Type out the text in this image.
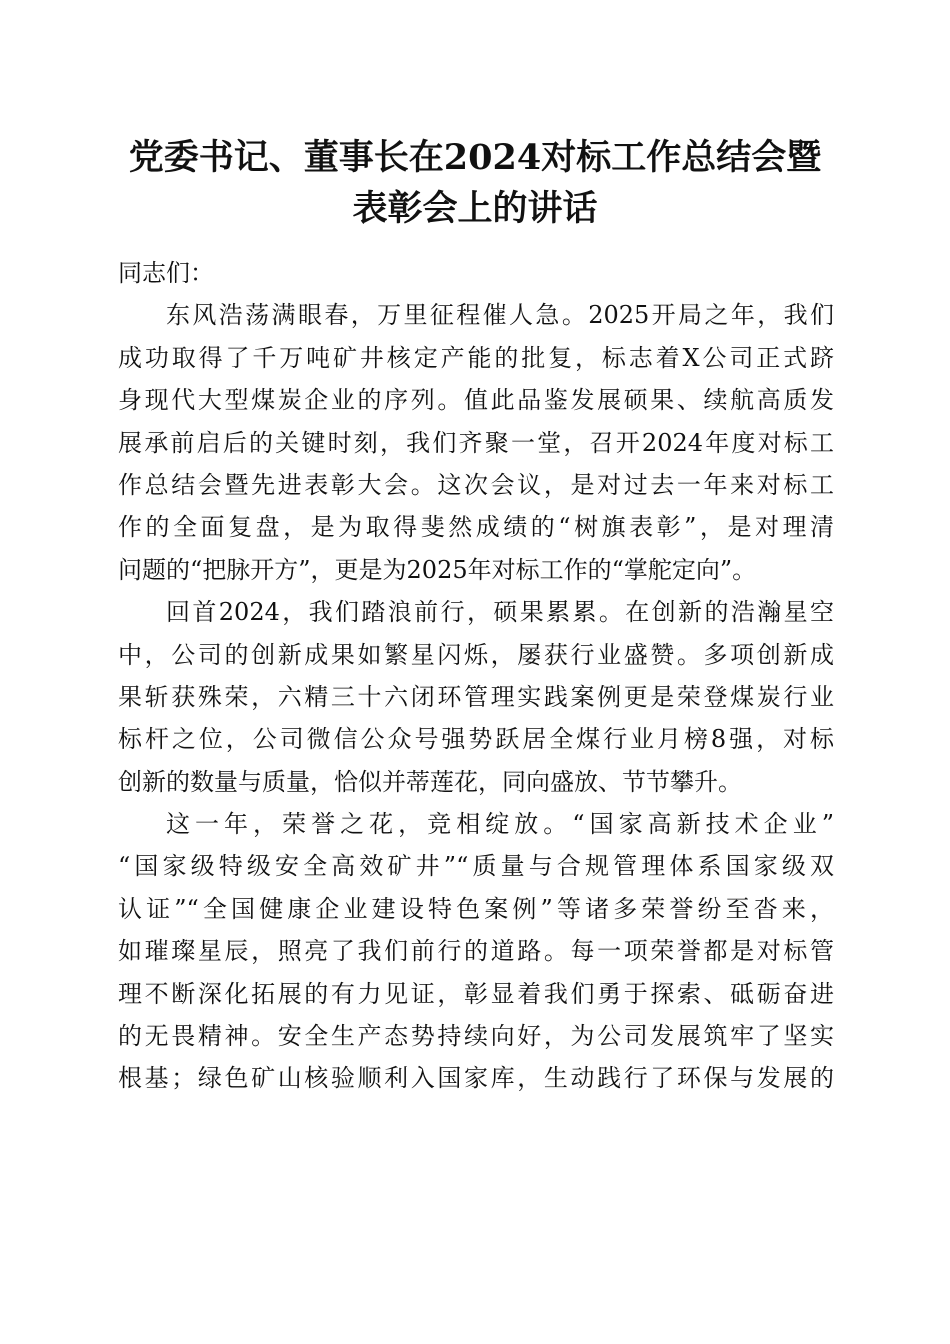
党委书记、董事长在2024对标工作总结会暨
表彰会上的讲话
同志们：
东风浩荡满眼春，万里征程催人急。2025开局之年，我们
成功取得了千万吨矿井核定产能的批复，标志着X公司正式跻
身现代大型煤炭企业的序列。值此品鉴发展硕果、续航高质发
展承前启后的关键时刻，我们齐聚一堂，召开2024年度对标工
作总结会暨先进表彰大会。这次会议，是对过去一年来对标工
作的全面复盘，是为取得斐然成绩的“树旗表彰”，是对理清
问题的“把脉开方”，更是为2025年对标工作的“掌舵定向”。
回首2024，我们踏浪前行，硕果累累。在创新的浩瀚星空
中，公司的创新成果如繁星闪烁，屡获行业盛赞。多项创新成
果斩获殊荣，六精三十六闭环管理实践案例更是荣登煤炭行业
标杆之位，公司微信公众号强势跃居全煤行业月榜8强，对标
创新的数量与质量，恰似并蒂莲花，同向盛放、节节攀升。
这一年，荣誉之花，竞相绽放。“国家高新技术企业”
“国家级特级安全高效矿井”“质量与合规管理体系国家级双
认证”“全国健康企业建设特色案例”等诸多荣誉纷至沓来，
如璀璨星辰，照亮了我们前行的道路。每一项荣誉都是对标管
理不断深化拓展的有力见证，彰显着我们勇于探索、砥砺奋进
的无畏精神。安全生产态势持续向好，为公司发展筑牢了坚实
根基；绿色矿山核验顺利入国家库，生动践行了环保与发展的
